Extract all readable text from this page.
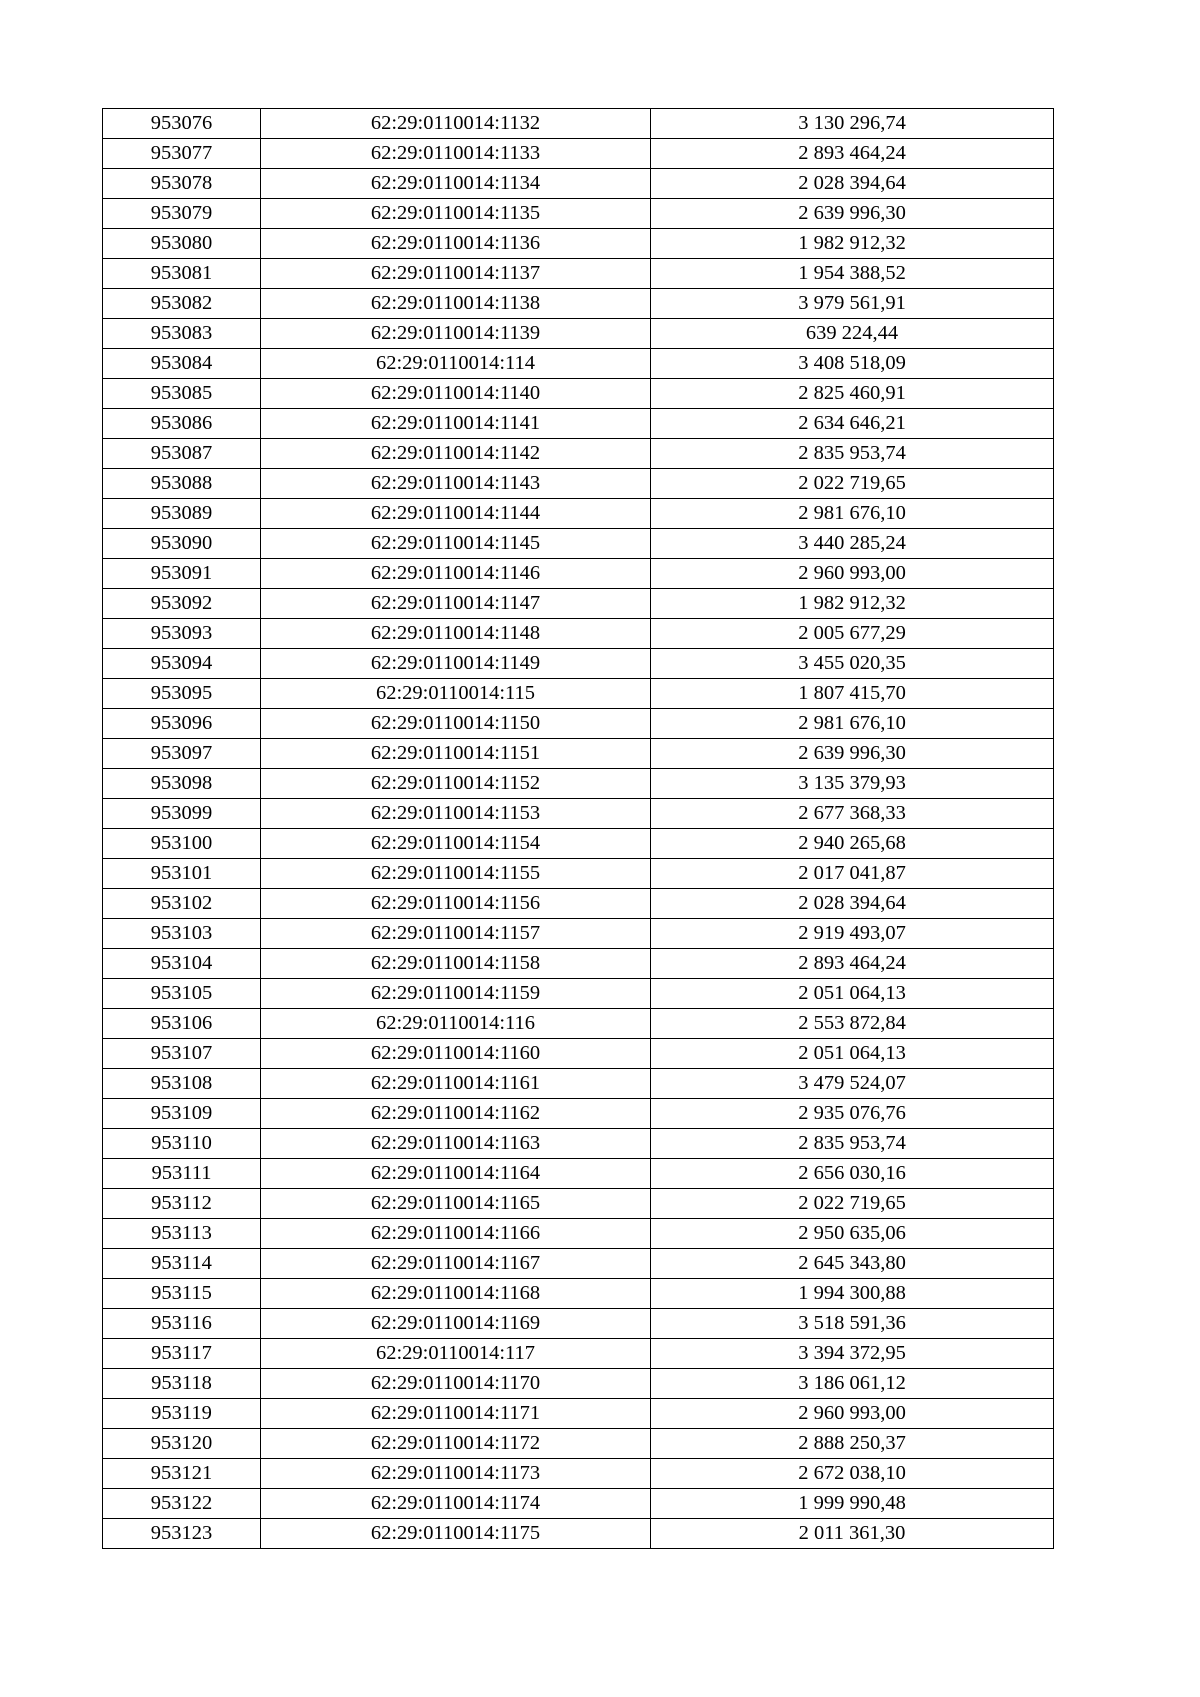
953076	62:29:0110014:1132	3 130 296,74
953077	62:29:0110014:1133	2 893 464,24
953078	62:29:0110014:1134	2 028 394,64
953079	62:29:0110014:1135	2 639 996,30
953080	62:29:0110014:1136	1 982 912,32
953081	62:29:0110014:1137	1 954 388,52
953082	62:29:0110014:1138	3 979 561,91
953083	62:29:0110014:1139	639 224,44
953084	62:29:0110014:114	3 408 518,09
953085	62:29:0110014:1140	2 825 460,91
953086	62:29:0110014:1141	2 634 646,21
953087	62:29:0110014:1142	2 835 953,74
953088	62:29:0110014:1143	2 022 719,65
953089	62:29:0110014:1144	2 981 676,10
953090	62:29:0110014:1145	3 440 285,24
953091	62:29:0110014:1146	2 960 993,00
953092	62:29:0110014:1147	1 982 912,32
953093	62:29:0110014:1148	2 005 677,29
953094	62:29:0110014:1149	3 455 020,35
953095	62:29:0110014:115	1 807 415,70
953096	62:29:0110014:1150	2 981 676,10
953097	62:29:0110014:1151	2 639 996,30
953098	62:29:0110014:1152	3 135 379,93
953099	62:29:0110014:1153	2 677 368,33
953100	62:29:0110014:1154	2 940 265,68
953101	62:29:0110014:1155	2 017 041,87
953102	62:29:0110014:1156	2 028 394,64
953103	62:29:0110014:1157	2 919 493,07
953104	62:29:0110014:1158	2 893 464,24
953105	62:29:0110014:1159	2 051 064,13
953106	62:29:0110014:116	2 553 872,84
953107	62:29:0110014:1160	2 051 064,13
953108	62:29:0110014:1161	3 479 524,07
953109	62:29:0110014:1162	2 935 076,76
953110	62:29:0110014:1163	2 835 953,74
953111	62:29:0110014:1164	2 656 030,16
953112	62:29:0110014:1165	2 022 719,65
953113	62:29:0110014:1166	2 950 635,06
953114	62:29:0110014:1167	2 645 343,80
953115	62:29:0110014:1168	1 994 300,88
953116	62:29:0110014:1169	3 518 591,36
953117	62:29:0110014:117	3 394 372,95
953118	62:29:0110014:1170	3 186 061,12
953119	62:29:0110014:1171	2 960 993,00
953120	62:29:0110014:1172	2 888 250,37
953121	62:29:0110014:1173	2 672 038,10
953122	62:29:0110014:1174	1 999 990,48
953123	62:29:0110014:1175	2 011 361,30
